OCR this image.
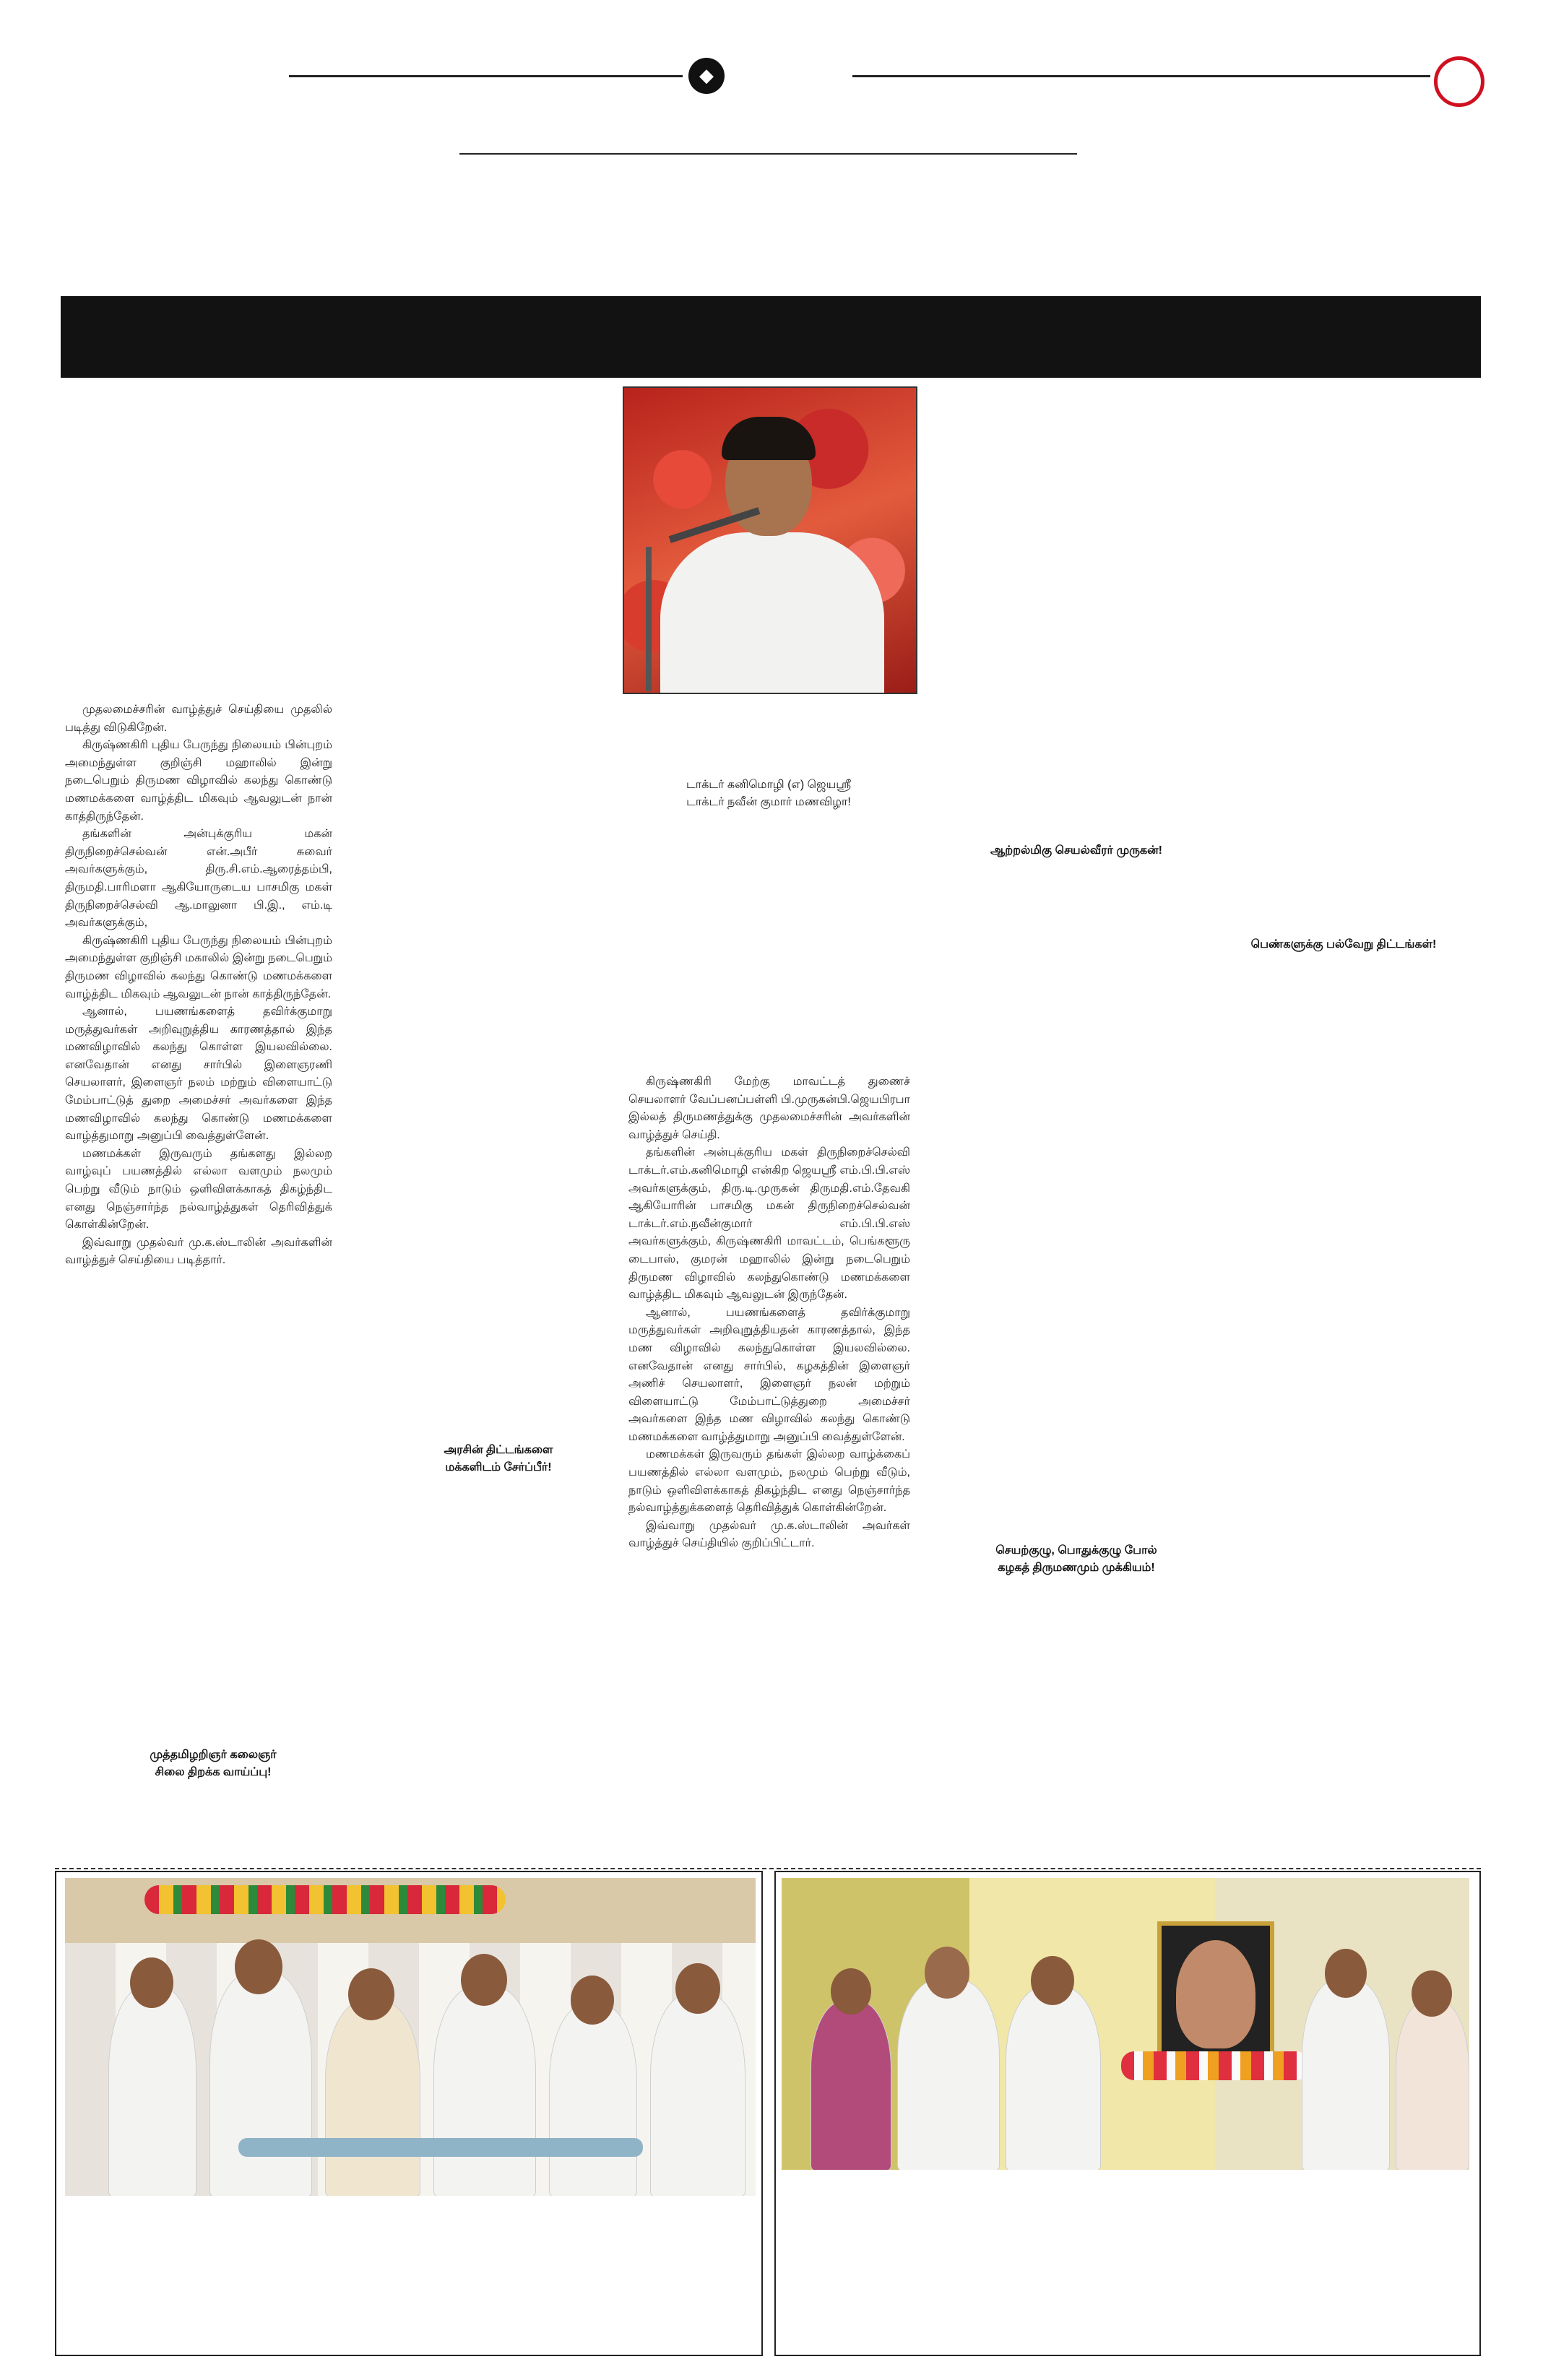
◆
டாக்டர் கனிமொழி (எ) ஜெயஸ்ரீ
டாக்டர் நவீன் குமார் மணவிழா!

முதலமைச்சரின் வாழ்த்துச் செய்தியை முதலில் படித்து விடுகிறேன்.

கிருஷ்ணகிரி புதிய பேருந்து நிலையம் பின்புறம் அமைந்துள்ள குறிஞ்சி மஹாலில் இன்று நடைபெறும் திருமண விழாவில் கலந்து கொண்டு மணமக்களை வாழ்த்திட மிகவும் ஆவலுடன் நான் காத்திருந்தேன்.

தங்களின் அன்புக்குரிய மகன் திருநிறைச்செல்வன் என்.அபீர் சுவைர் அவர்களுக்கும், திரு.சி.எம்.ஆரைத்தம்பி, திருமதி.பாரிமளா ஆகியோருடைய பாசமிகு மகள் திருநிறைச்செல்வி ஆ.மாலுனா பி.இ., எம்.டி அவர்களுக்கும்,

கிருஷ்ணகிரி புதிய பேருந்து நிலையம் பின்புறம் அமைந்துள்ள குறிஞ்சி மகாலில் இன்று நடைபெறும் திருமண விழாவில் கலந்து கொண்டு மணமக்களை வாழ்த்திட மிகவும் ஆவலுடன் நான் காத்திருந்தேன்.

ஆனால், பயணங்களைத் தவிர்க்குமாறு மருத்துவர்கள் அறிவுறுத்திய காரணத்தால் இந்த மணவிழாவில் கலந்து கொள்ள இயலவில்லை. எனவேதான் எனது சார்பில் இளைஞரணி செயலாளர், இளைஞர் நலம் மற்றும் விளையாட்டு மேம்பாட்டுத் துறை அமைச்சர் அவர்களை இந்த மணவிழாவில் கலந்து கொண்டு மணமக்களை வாழ்த்துமாறு அனுப்பி வைத்துள்ளேன்.

மணமக்கள் இருவரும் தங்களது இல்லற வாழ்வுப் பயணத்தில் எல்லா வளமும் நலமும் பெற்று வீடும் நாடும் ஒளிவிளக்காகத் திகழ்ந்திட எனது நெஞ்சார்ந்த நல்வாழ்த்துகள் தெரிவித்துக் கொள்கின்றேன்.

இவ்வாறு முதல்வர் மு.க.ஸ்டாலின் அவர்களின் வாழ்த்துச் செய்தியை படித்தார்.

கிருஷ்ணகிரி மேற்கு மாவட்டத் துணைச் செயலாளர் வேப்பனப்பள்ளி பி.முருகன்பி.ஜெயபிரபா இல்லத் திருமணத்துக்கு முதலமைச்சரின் அவர்களின் வாழ்த்துச் செய்தி.

தங்களின் அன்புக்குரிய மகள் திருநிறைச்செல்வி டாக்டர்.எம்.கனிமொழி என்கிற ஜெயஸ்ரீ எம்.பி.பி.எஸ் அவர்களுக்கும், திரு.டி.முருகன் திருமதி.எம்.தேவகி ஆகியோரின் பாசமிகு மகன் திருநிறைச்செல்வன் டாக்டர்.எம்.நவீன்குமார் எம்.பி.பி.எஸ் அவர்களுக்கும், கிருஷ்ணகிரி மாவட்டம், பெங்களூரு டைபாஸ், குமரன் மஹாலில் இன்று நடைபெறும் திருமண விழாவில் கலந்துகொண்டு மணமக்களை வாழ்த்திட மிகவும் ஆவலுடன் இருந்தேன்.

ஆனால், பயணங்களைத் தவிர்க்குமாறு மருத்துவர்கள் அறிவுறுத்தியதன் காரணத்தால், இந்த மண விழாவில் கலந்துகொள்ள இயலவில்லை. எனவேதான் எனது சார்பில், கழகத்தின் இளைஞர் அணிச் செயலாளர், இளைஞர் நலன் மற்றும் விளையாட்டு மேம்பாட்டுத்துறை அமைச்சர் அவர்களை இந்த மண விழாவில் கலந்து கொண்டு மணமக்களை வாழ்த்துமாறு அனுப்பி வைத்துள்ளேன்.

மணமக்கள் இருவரும் தங்கள் இல்லற வாழ்க்கைப் பயணத்தில் எல்லா வளமும், நலமும் பெற்று வீடும், நாடும் ஒளிவிளக்காகத் திகழ்ந்திட எனது நெஞ்சார்ந்த நல்வாழ்த்துக்களைத் தெரிவித்துக் கொள்கின்றேன்.

இவ்வாறு முதல்வர் மு.க.ஸ்டாலின் அவர்கள் வாழ்த்துச் செய்தியில் குறிப்பிட்டார்.

ஆற்றல்மிகு செயல்வீரர் முருகன்!
பெண்களுக்கு பல்வேறு திட்டங்கள்!
அரசின் திட்டங்களை
மக்களிடம் சேர்ப்பீர்!
செயற்குழு, பொதுக்குழு போல்
கழகத் திருமணமும் முக்கியம்!
முத்தமிழறிஞர் கலைஞர்
சிலை திறக்க வாய்ப்பு!
